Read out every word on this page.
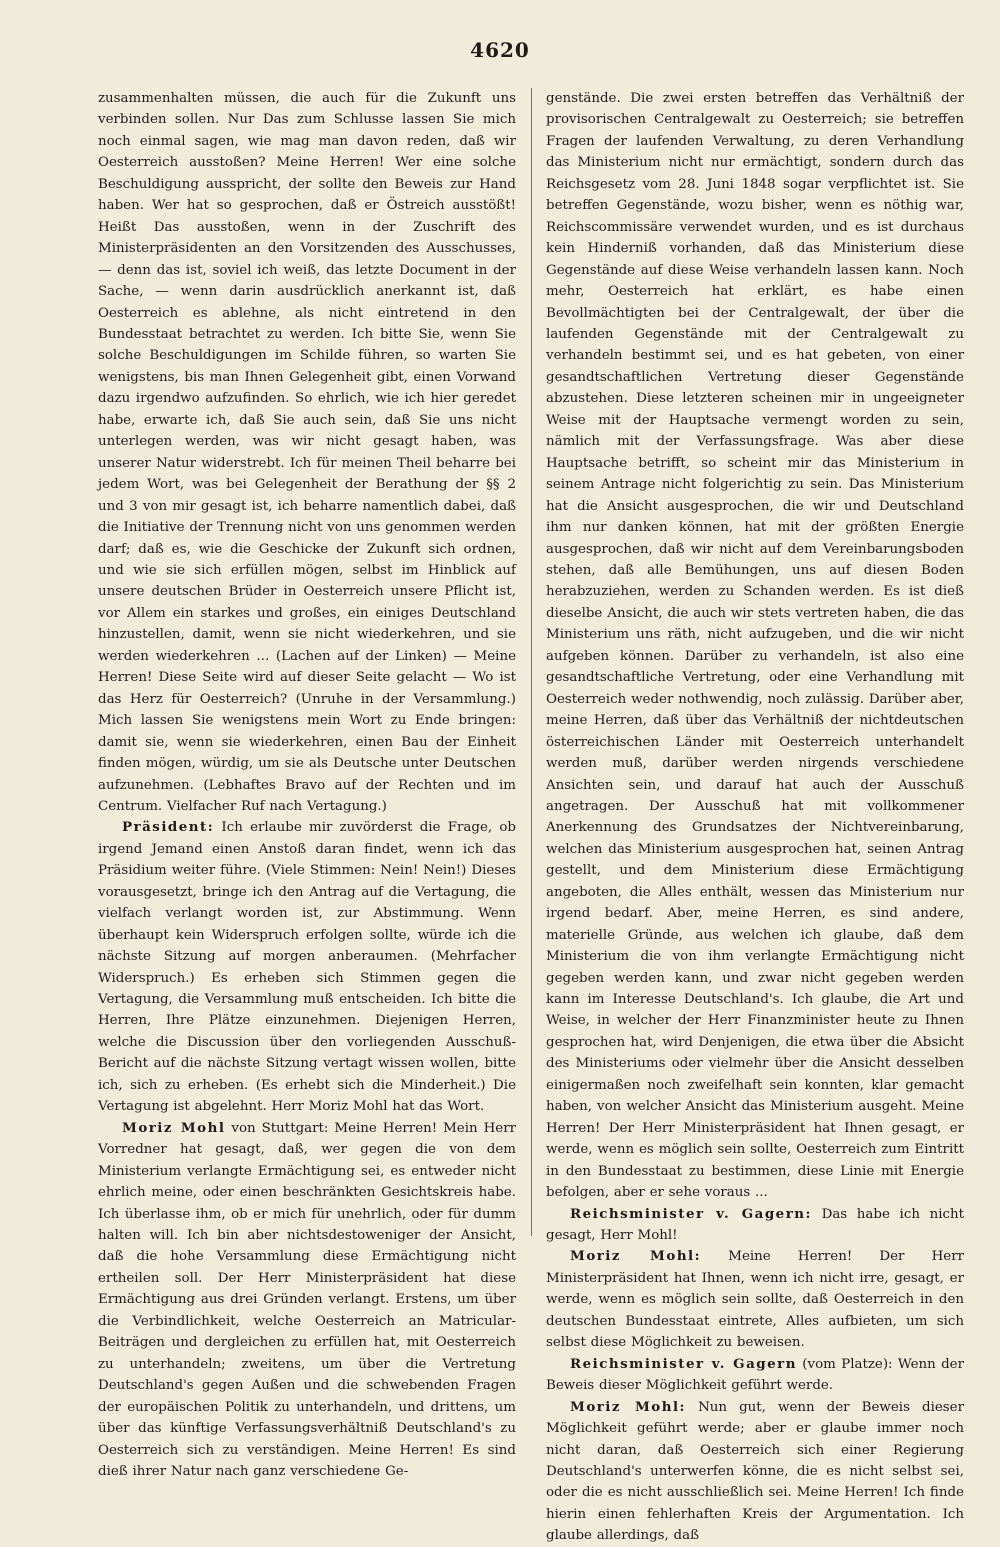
4620

zusammenhalten müssen, die auch für die Zukunft uns verbinden sollen. Nur Das zum Schlusse lassen Sie mich noch einmal sagen, wie mag man davon reden, daß wir Oesterreich ausstoßen? Meine Herren! Wer eine solche Beschuldigung ausspricht, der sollte den Beweis zur Hand haben. Wer hat so gesprochen, daß er Östreich ausstößt! Heißt Das ausstoßen, wenn in der Zuschrift des Ministerpräsidenten an den Vorsitzenden des Ausschusses, — denn das ist, soviel ich weiß, das letzte Document in der Sache, — wenn darin ausdrücklich anerkannt ist, daß Oesterreich es ablehne, als nicht eintretend in den Bundesstaat betrachtet zu werden. Ich bitte Sie, wenn Sie solche Beschuldigungen im Schilde führen, so warten Sie wenigstens, bis man Ihnen Gelegenheit gibt, einen Vorwand dazu irgendwo aufzufinden. So ehrlich, wie ich hier geredet habe, erwarte ich, daß Sie auch sein, daß Sie uns nicht unterlegen werden, was wir nicht gesagt haben, was unserer Natur widerstrebt. Ich für meinen Theil beharre bei jedem Wort, was bei Gelegenheit der Berathung der §§ 2 und 3 von mir gesagt ist, ich beharre namentlich dabei, daß die Initiative der Trennung nicht von uns genommen werden darf; daß es, wie die Geschicke der Zukunft sich ordnen, und wie sie sich erfüllen mögen, selbst im Hinblick auf unsere deutschen Brüder in Oesterreich unsere Pflicht ist, vor Allem ein starkes und großes, ein einiges Deutschland hinzustellen, damit, wenn sie nicht wiederkehren, und sie werden wiederkehren ... (Lachen auf der Linken) — Meine Herren! Diese Seite wird auf dieser Seite gelacht — Wo ist das Herz für Oesterreich? (Unruhe in der Versammlung.) Mich lassen Sie wenigstens mein Wort zu Ende bringen: damit sie, wenn sie wiederkehren, einen Bau der Einheit finden mögen, würdig, um sie als Deutsche unter Deutschen aufzunehmen. (Lebhaftes Bravo auf der Rechten und im Centrum. Vielfacher Ruf nach Vertagung.)

Präsident: Ich erlaube mir zuvörderst die Frage, ob irgend Jemand einen Anstoß daran findet, wenn ich das Präsidium weiter führe. (Viele Stimmen: Nein! Nein!) Dieses vorausgesetzt, bringe ich den Antrag auf die Vertagung, die vielfach verlangt worden ist, zur Abstimmung. Wenn überhaupt kein Widerspruch erfolgen sollte, würde ich die nächste Sitzung auf morgen anberaumen. (Mehrfacher Widerspruch.) Es erheben sich Stimmen gegen die Vertagung, die Versammlung muß entscheiden. Ich bitte die Herren, Ihre Plätze einzunehmen. Diejenigen Herren, welche die Discussion über den vorliegenden Ausschuß-Bericht auf die nächste Sitzung vertagt wissen wollen, bitte ich, sich zu erheben. (Es erhebt sich die Minderheit.) Die Vertagung ist abgelehnt. Herr Moriz Mohl hat das Wort.

Moriz Mohl von Stuttgart: Meine Herren! Mein Herr Vorredner hat gesagt, daß, wer gegen die von dem Ministerium verlangte Ermächtigung sei, es entweder nicht ehrlich meine, oder einen beschränkten Gesichtskreis habe. Ich überlasse ihm, ob er mich für unehrlich, oder für dumm halten will. Ich bin aber nichtsdestoweniger der Ansicht, daß die hohe Versammlung diese Ermächtigung nicht ertheilen soll. Der Herr Ministerpräsident hat diese Ermächtigung aus drei Gründen verlangt. Erstens, um über die Verbindlichkeit, welche Oesterreich an Matricular-Beiträgen und dergleichen zu erfüllen hat, mit Oesterreich zu unterhandeln; zweitens, um über die Vertretung Deutschland's gegen Außen und die schwebenden Fragen der europäischen Politik zu unterhandeln, und drittens, um über das künftige Verfassungsverhältniß Deutschland's zu Oesterreich sich zu verständigen. Meine Herren! Es sind dieß ihrer Natur nach ganz verschiedene Ge-

genstände. Die zwei ersten betreffen das Verhältniß der provisorischen Centralgewalt zu Oesterreich; sie betreffen Fragen der laufenden Verwaltung, zu deren Verhandlung das Ministerium nicht nur ermächtigt, sondern durch das Reichsgesetz vom 28. Juni 1848 sogar verpflichtet ist. Sie betreffen Gegenstände, wozu bisher, wenn es nöthig war, Reichscommissäre verwendet wurden, und es ist durchaus kein Hinderniß vorhanden, daß das Ministerium diese Gegenstände auf diese Weise verhandeln lassen kann. Noch mehr, Oesterreich hat erklärt, es habe einen Bevollmächtigten bei der Centralgewalt, der über die laufenden Gegenstände mit der Centralgewalt zu verhandeln bestimmt sei, und es hat gebeten, von einer gesandtschaftlichen Vertretung dieser Gegenstände abzustehen. Diese letzteren scheinen mir in ungeeigneter Weise mit der Hauptsache vermengt worden zu sein, nämlich mit der Verfassungsfrage. Was aber diese Hauptsache betrifft, so scheint mir das Ministerium in seinem Antrage nicht folgerichtig zu sein. Das Ministerium hat die Ansicht ausgesprochen, die wir und Deutschland ihm nur danken können, hat mit der größten Energie ausgesprochen, daß wir nicht auf dem Vereinbarungsboden stehen, daß alle Bemühungen, uns auf diesen Boden herabzuziehen, werden zu Schanden werden. Es ist dieß dieselbe Ansicht, die auch wir stets vertreten haben, die das Ministerium uns räth, nicht aufzugeben, und die wir nicht aufgeben können. Darüber zu verhandeln, ist also eine gesandtschaftliche Vertretung, oder eine Verhandlung mit Oesterreich weder nothwendig, noch zulässig. Darüber aber, meine Herren, daß über das Verhältniß der nichtdeutschen österreichischen Länder mit Oesterreich unterhandelt werden muß, darüber werden nirgends verschiedene Ansichten sein, und darauf hat auch der Ausschuß angetragen. Der Ausschuß hat mit vollkommener Anerkennung des Grundsatzes der Nichtvereinbarung, welchen das Ministerium ausgesprochen hat, seinen Antrag gestellt, und dem Ministerium diese Ermächtigung angeboten, die Alles enthält, wessen das Ministerium nur irgend bedarf. Aber, meine Herren, es sind andere, materielle Gründe, aus welchen ich glaube, daß dem Ministerium die von ihm verlangte Ermächtigung nicht gegeben werden kann, und zwar nicht gegeben werden kann im Interesse Deutschland's. Ich glaube, die Art und Weise, in welcher der Herr Finanzminister heute zu Ihnen gesprochen hat, wird Denjenigen, die etwa über die Absicht des Ministeriums oder vielmehr über die Ansicht desselben einigermaßen noch zweifelhaft sein konnten, klar gemacht haben, von welcher Ansicht das Ministerium ausgeht. Meine Herren! Der Herr Ministerpräsident hat Ihnen gesagt, er werde, wenn es möglich sein sollte, Oesterreich zum Eintritt in den Bundesstaat zu bestimmen, diese Linie mit Energie befolgen, aber er sehe voraus ...

Reichsminister v. Gagern: Das habe ich nicht gesagt, Herr Mohl!

Moriz Mohl: Meine Herren! Der Herr Ministerpräsident hat Ihnen, wenn ich nicht irre, gesagt, er werde, wenn es möglich sein sollte, daß Oesterreich in den deutschen Bundesstaat eintrete, Alles aufbieten, um sich selbst diese Möglichkeit zu beweisen.

Reichsminister v. Gagern (vom Platze): Wenn der Beweis dieser Möglichkeit geführt werde.

Moriz Mohl: Nun gut, wenn der Beweis dieser Möglichkeit geführt werde; aber er glaube immer noch nicht daran, daß Oesterreich sich einer Regierung Deutschland's unterwerfen könne, die es nicht selbst sei, oder die es nicht ausschließlich sei. Meine Herren! Ich finde hierin einen fehlerhaften Kreis der Argumentation. Ich glaube allerdings, daß
